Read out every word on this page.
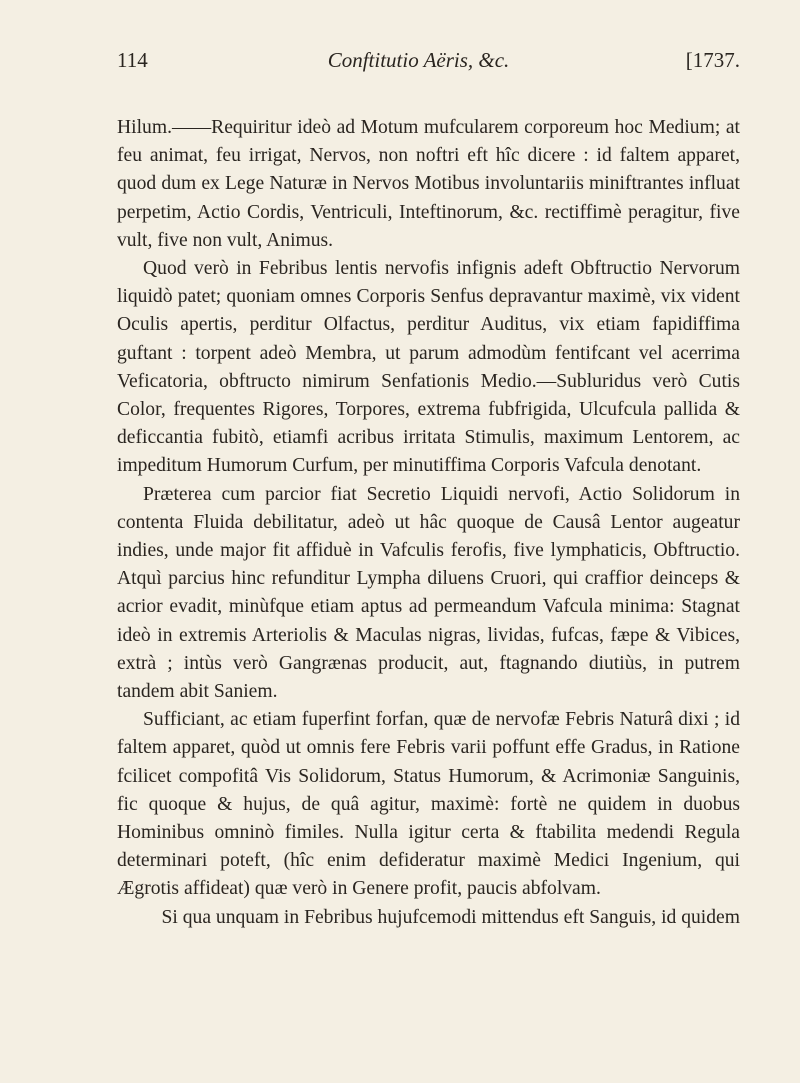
114	Conftitutio Aëris, &c.	[1737.

Hilum.——Requiritur ideò ad Motum mufcularem corporeum hoc Medium; at feu animat, feu irrigat, Nervos, non noftri eft hîc dicere : id faltem apparet, quod dum ex Lege Naturæ in Nervos Motibus involuntariis miniftrantes influat perpetim, Actio Cordis, Ventriculi, Inteftinorum, &c. rectiffimè peragitur, five vult, five non vult, Animus.

Quod verò in Febribus lentis nervofis infignis adeft Obftructio Nervorum liquidò patet; quoniam omnes Corporis Senfus depravantur maximè, vix vident Oculis apertis, perditur Olfactus, perditur Auditus, vix etiam fapidiffima guftant : torpent adeò Membra, ut parum admodùm fentifcant vel acerrima Veficatoria, obftructo nimirum Senfationis Medio.—Subluridus verò Cutis Color, frequentes Rigores, Torpores, extrema fubfrigida, Ulcufcula pallida & deficcantia fubitò, etiamfi acribus irritata Stimulis, maximum Lentorem, ac impeditum Humorum Curfum, per minutiffima Corporis Vafcula denotant.

Præterea cum parcior fiat Secretio Liquidi nervofi, Actio Solidorum in contenta Fluida debilitatur, adeò ut hâc quoque de Causâ Lentor augeatur indies, unde major fit affiduè in Vafculis ferofis, five lymphaticis, Obftructio. Atquì parcius hinc refunditur Lympha diluens Cruori, qui craffior deinceps & acrior evadit, minùfque etiam aptus ad permeandum Vafcula minima: Stagnat ideò in extremis Arteriolis & Maculas nigras, lividas, fufcas, fæpe & Vibices, extrà ; intùs verò Gangrænas producit, aut, ftagnando diutiùs, in putrem tandem abit Saniem.

Sufficiant, ac etiam fuperfint forfan, quæ de nervofæ Febris Naturâ dixi ; id faltem apparet, quòd ut omnis fere Febris varii poffunt effe Gradus, in Ratione fcilicet compofitâ Vis Solidorum, Status Humorum, & Acrimoniæ Sanguinis, fic quoque & hujus, de quâ agitur, maximè: fortè ne quidem in duobus Hominibus omninò fimiles. Nulla igitur certa & ftabilita medendi Regula determinari poteft, (hîc enim defideratur maximè Medici Ingenium, qui Ægrotis affideat) quæ verò in Genere profit, paucis abfolvam.

Si qua unquam in Febribus hujufcemodi mittendus eft Sanguis, id quidem
